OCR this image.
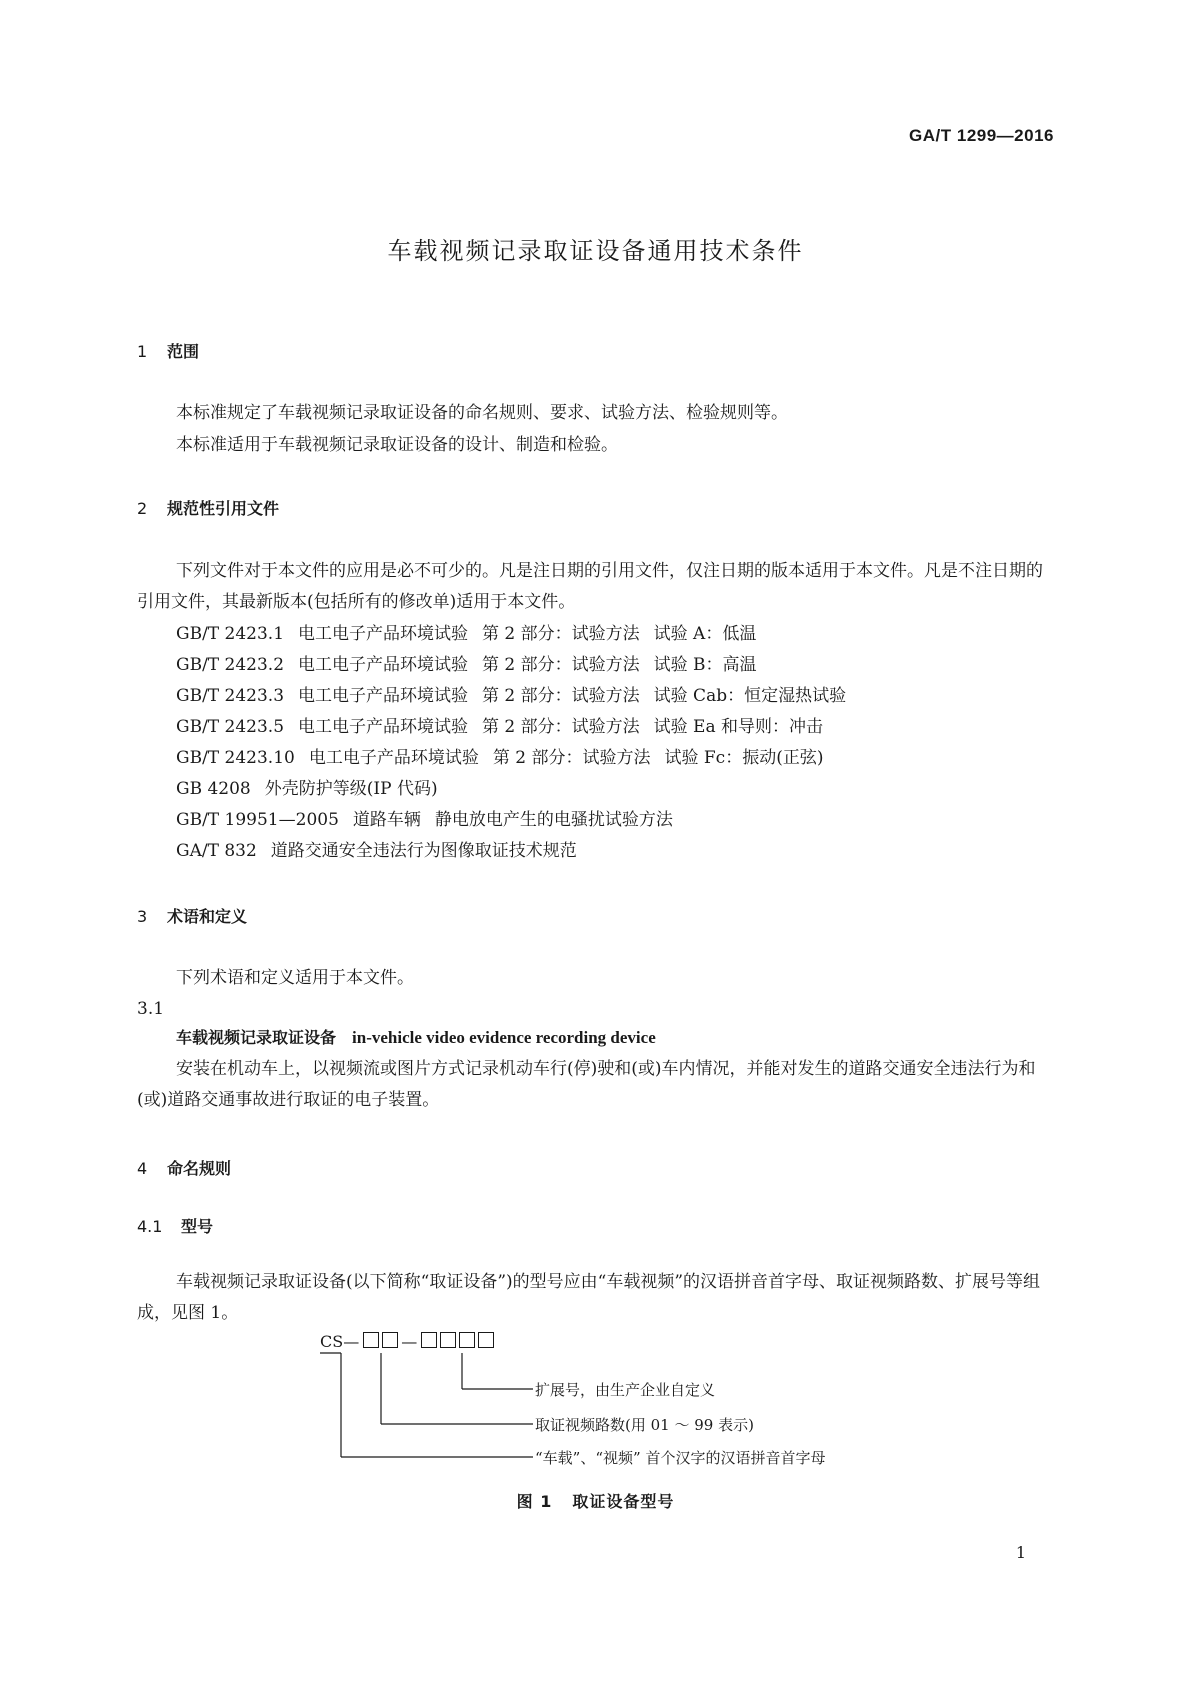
GA/T 1299—2016
车载视频记录取证设备通用技术条件
1 范围
本标准规定了车载视频记录取证设备的命名规则、要求、试验方法、检验规则等。
本标准适用于车载视频记录取证设备的设计、制造和检验。
2 规范性引用文件
下列文件对于本文件的应用是必不可少的。凡是注日期的引用文件，仅注日期的版本适用于本文件。凡是不注日期的引用文件，其最新版本(包括所有的修改单)适用于本文件。
GB/T 2423.1 电工电子产品环境试验 第 2 部分：试验方法 试验 A：低温
GB/T 2423.2 电工电子产品环境试验 第 2 部分：试验方法 试验 B：高温
GB/T 2423.3 电工电子产品环境试验 第 2 部分：试验方法 试验 Cab：恒定湿热试验
GB/T 2423.5 电工电子产品环境试验 第 2 部分：试验方法 试验 Ea 和导则：冲击
GB/T 2423.10 电工电子产品环境试验 第 2 部分：试验方法 试验 Fc：振动(正弦)
GB 4208 外壳防护等级(IP 代码)
GB/T 19951—2005 道路车辆 静电放电产生的电骚扰试验方法
GA/T 832 道路交通安全违法行为图像取证技术规范
3 术语和定义
下列术语和定义适用于本文件。
3.1
车载视频记录取证设备 in-vehicle video evidence recording device
安装在机动车上，以视频流或图片方式记录机动车行(停)驶和(或)车内情况，并能对发生的道路交通安全违法行为和(或)道路交通事故进行取证的电子装置。
4 命名规则
4.1 型号
车载视频记录取证设备(以下简称“取证设备”)的型号应由“车载视频”的汉语拼音首字母、取证视频路数、扩展号等组成，见图 1。
CS—	—
扩展号，由生产企业自定义
取证视频路数(用 01 ～ 99 表示)
“车载”、“视频” 首个汉字的汉语拼音首字母
图 1 取证设备型号
1
